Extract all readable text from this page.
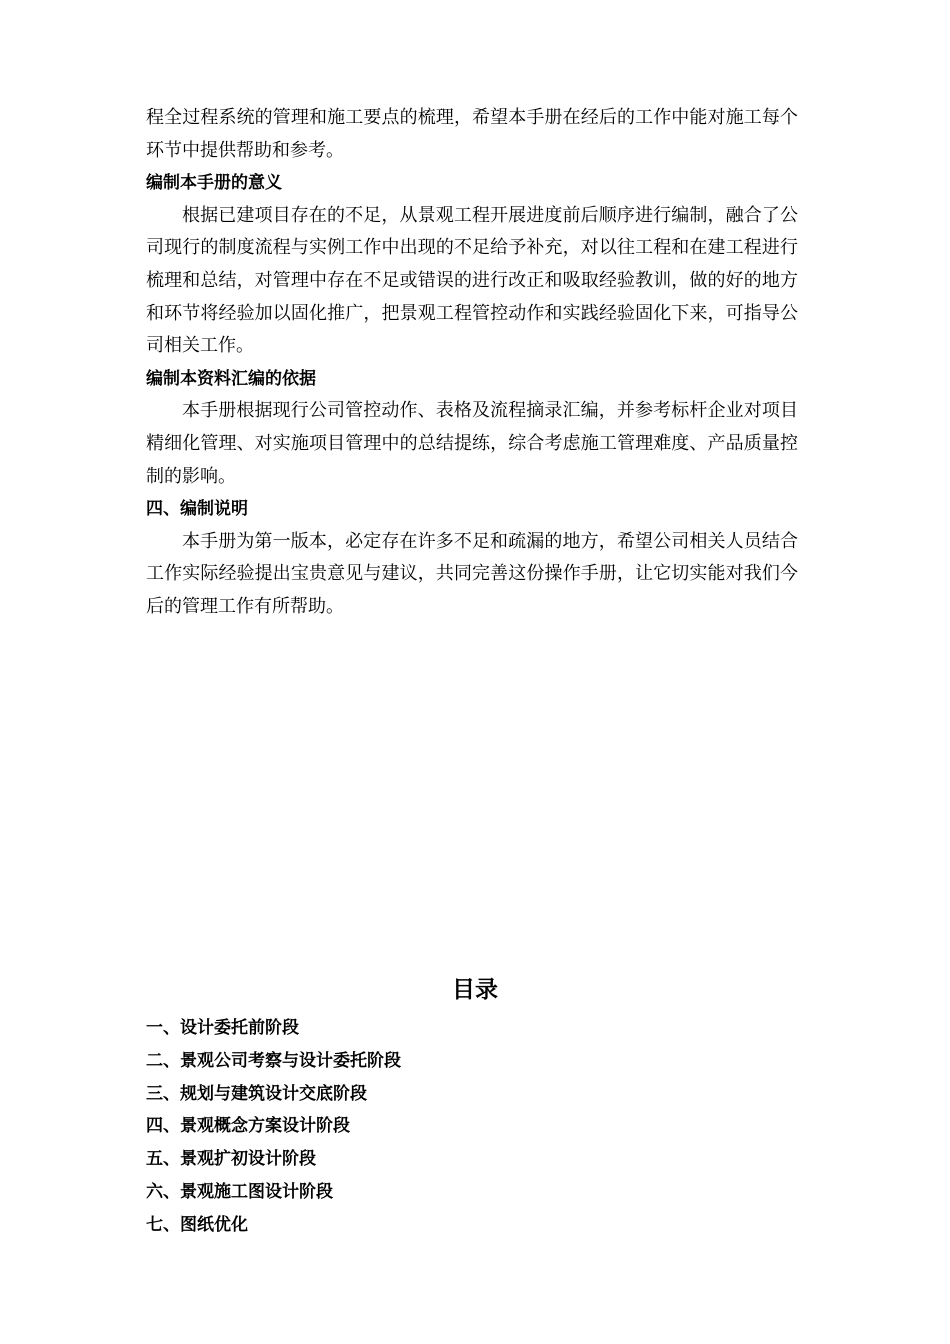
程全过程系统的管理和施工要点的梳理，希望本手册在经后的工作中能对施工每个环节中提供帮助和参考。

编制本手册的意义

根据已建项目存在的不足，从景观工程开展进度前后顺序进行编制，融合了公司现行的制度流程与实例工作中出现的不足给予补充，对以往工程和在建工程进行梳理和总结，对管理中存在不足或错误的进行改正和吸取经验教训，做的好的地方和环节将经验加以固化推广，把景观工程管控动作和实践经验固化下来，可指导公司相关工作。

编制本资料汇编的依据

本手册根据现行公司管控动作、表格及流程摘录汇编，并参考标杆企业对项目精细化管理、对实施项目管理中的总结提练，综合考虑施工管理难度、产品质量控制的影响。

四、编制说明

本手册为第一版本，必定存在许多不足和疏漏的地方，希望公司相关人员结合工作实际经验提出宝贵意见与建议，共同完善这份操作手册，让它切实能对我们今后的管理工作有所帮助。

目录
一、设计委托前阶段
二、景观公司考察与设计委托阶段
三、规划与建筑设计交底阶段
四、景观概念方案设计阶段
五、景观扩初设计阶段
六、景观施工图设计阶段
七、图纸优化
